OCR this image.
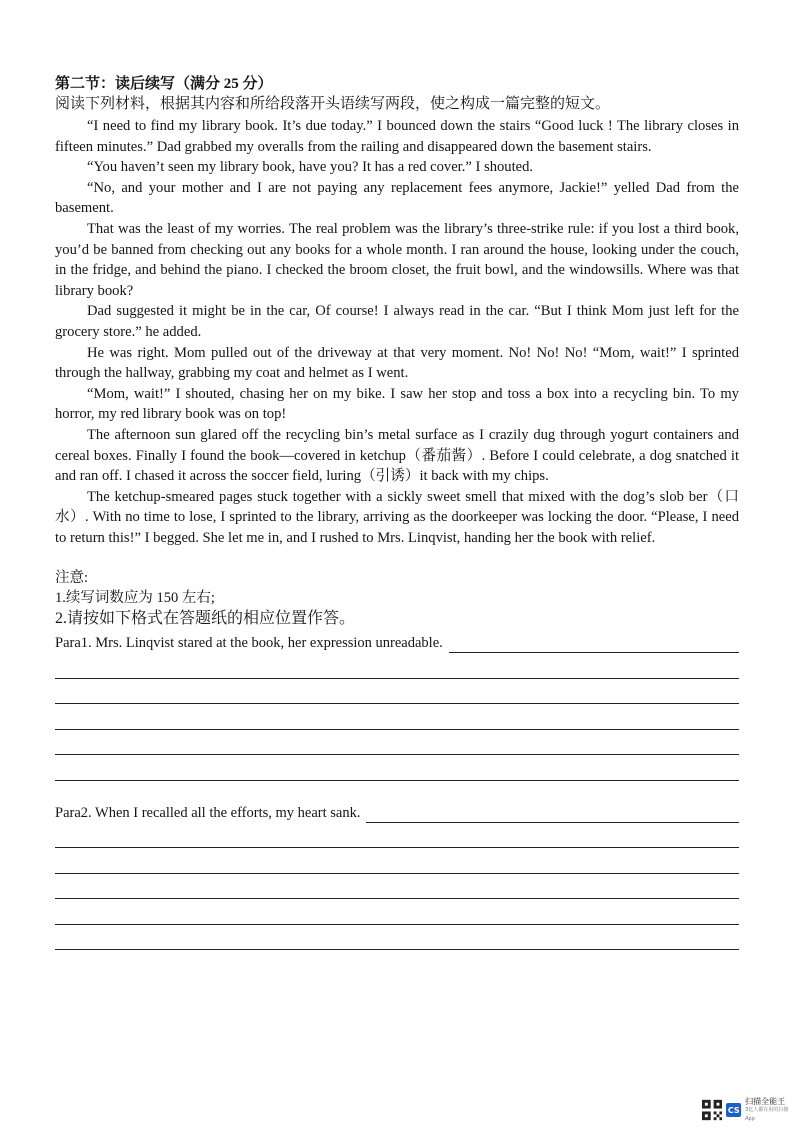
第二节：读后续写（满分 25 分）

阅读下列材料，根据其内容和所给段落开头语续写两段，使之构成一篇完整的短文。

“I need to find my library book. It’s due today.” I bounced down the stairs “Good luck ! The library closes in fifteen minutes.” Dad grabbed my overalls from the railing and disappeared down the basement stairs.

“You haven’t seen my library book, have you? It has a red cover.” I shouted.

“No, and your mother and I are not paying any replacement fees anymore, Jackie!” yelled Dad from the basement.

That was the least of my worries. The real problem was the library’s three-strike rule: if you lost a third book, you’d be banned from checking out any books for a whole month. I ran around the house, looking under the couch, in the fridge, and behind the piano. I checked the broom closet, the fruit bowl, and the windowsills. Where was that library book?

Dad suggested it might be in the car, Of course! I always read in the car. “But I think Mom just left for the grocery store.” he added.

He was right. Mom pulled out of the driveway at that very moment. No! No! No! “Mom, wait!” I sprinted through the hallway, grabbing my coat and helmet as I went.

“Mom, wait!” I shouted, chasing her on my bike. I saw her stop and toss a box into a recycling bin. To my horror, my red library book was on top!

The afternoon sun glared off the recycling bin’s metal surface as I crazily dug through yogurt containers and cereal boxes. Finally I found the book—covered in ketchup（番茄酱）. Before I could celebrate, a dog snatched it and ran off. I chased it across the soccer field, luring（引诱）it back with my chips.

The ketchup-smeared pages stuck together with a sickly sweet smell that mixed with the dog’s slob ber（口水）. With no time to lose, I sprinted to the library, arriving as the doorkeeper was locking the door. “Please, I need to return this!” I begged. She let me in, and I rushed to Mrs. Linqvist, handing her the book with relief.

注意:
1.续写词数应为 150 左右;
2.请按如下格式在答题纸的相应位置作答。
Para1. Mrs. Linqvist stared at the book, her expression unreadable.
Para2. When I recalled all the efforts, my heart sank.
CS
扫描全能王
3亿人都在用的扫描App
